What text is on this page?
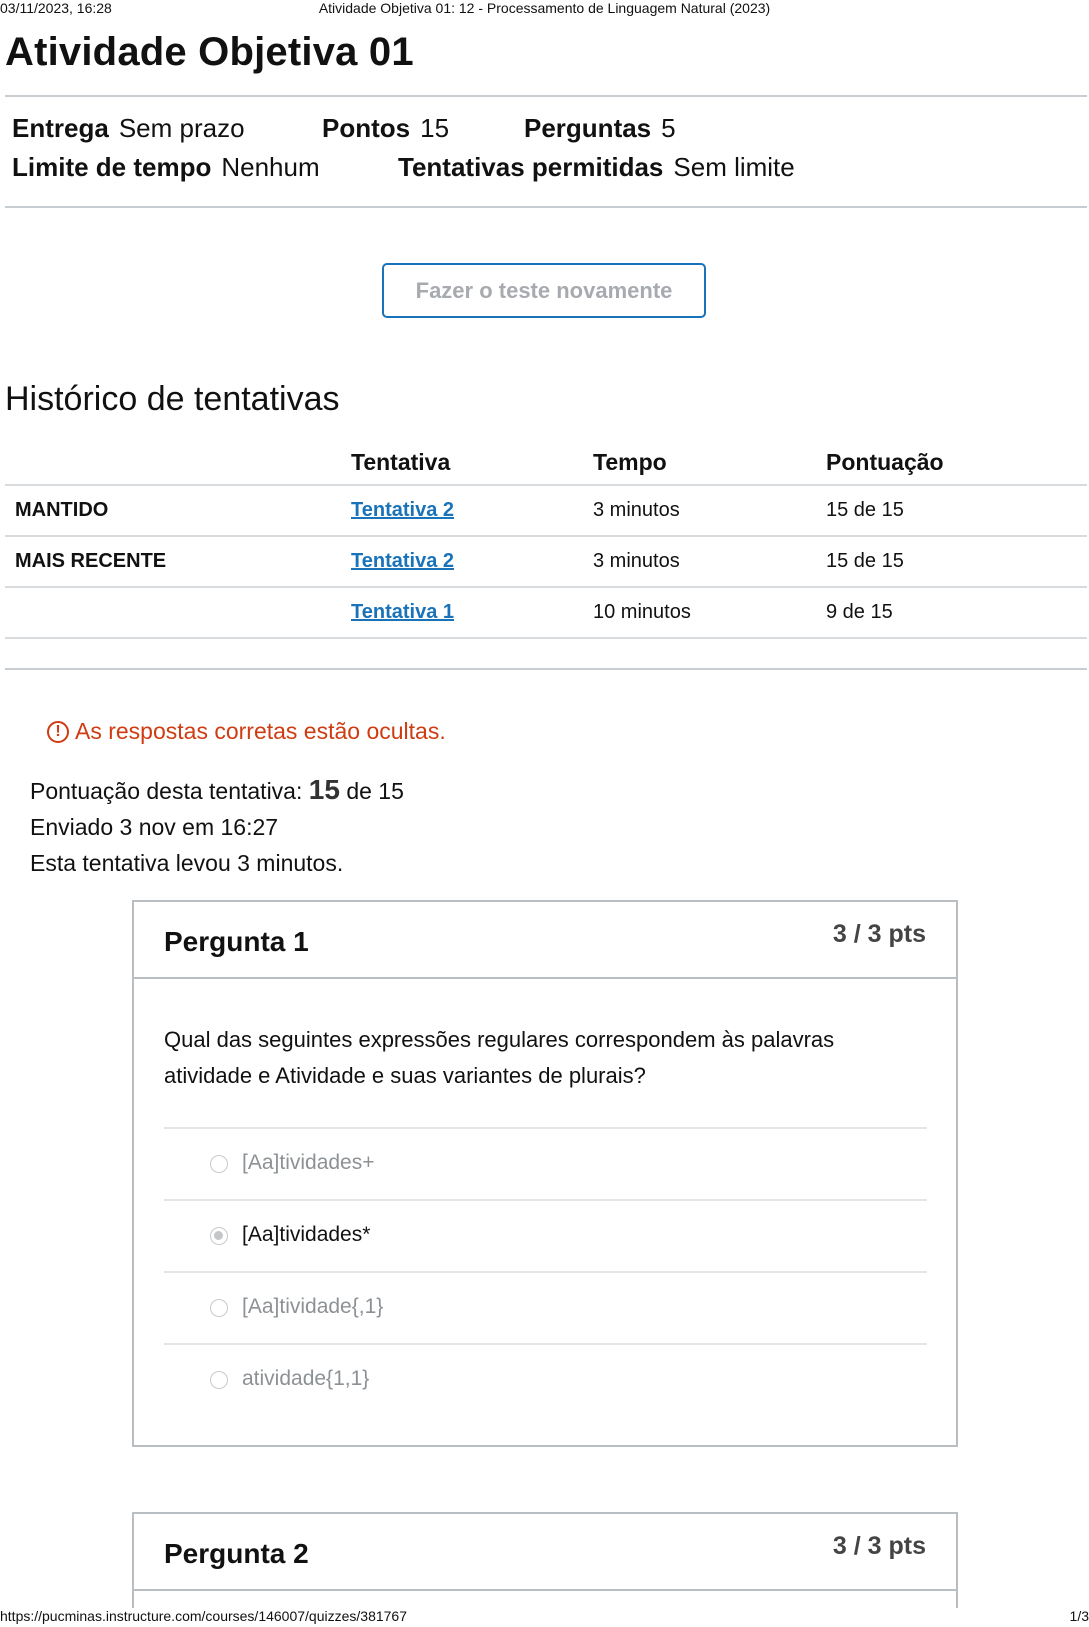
03/11/2023, 16:28	Atividade Objetiva 01: 12 - Processamento de Linguagem Natural (2023)
Atividade Objetiva 01
Entrega Sem prazo	Pontos 15	Perguntas 5
Limite de tempo Nenhum	Tentativas permitidas Sem limite
Fazer o teste novamente
Histórico de tentativas
	Tentativa	Tempo	Pontuação
MANTIDO	Tentativa 2	3 minutos	15 de 15
MAIS RECENTE	Tentativa 2	3 minutos	15 de 15
	Tentativa 1	10 minutos	9 de 15
! As respostas corretas estão ocultas.
Pontuação desta tentativa: 15 de 15
Enviado 3 nov em 16:27
Esta tentativa levou 3 minutos.
Pergunta 1	3 / 3 pts
Qual das seguintes expressões regulares correspondem às palavras atividade e Atividade e suas variantes de plurais?
[Aa]tividades+
[Aa]tividades*
[Aa]tividade{,1}
atividade{1,1}
Pergunta 2	3 / 3 pts
https://pucminas.instructure.com/courses/146007/quizzes/381767	1/3
